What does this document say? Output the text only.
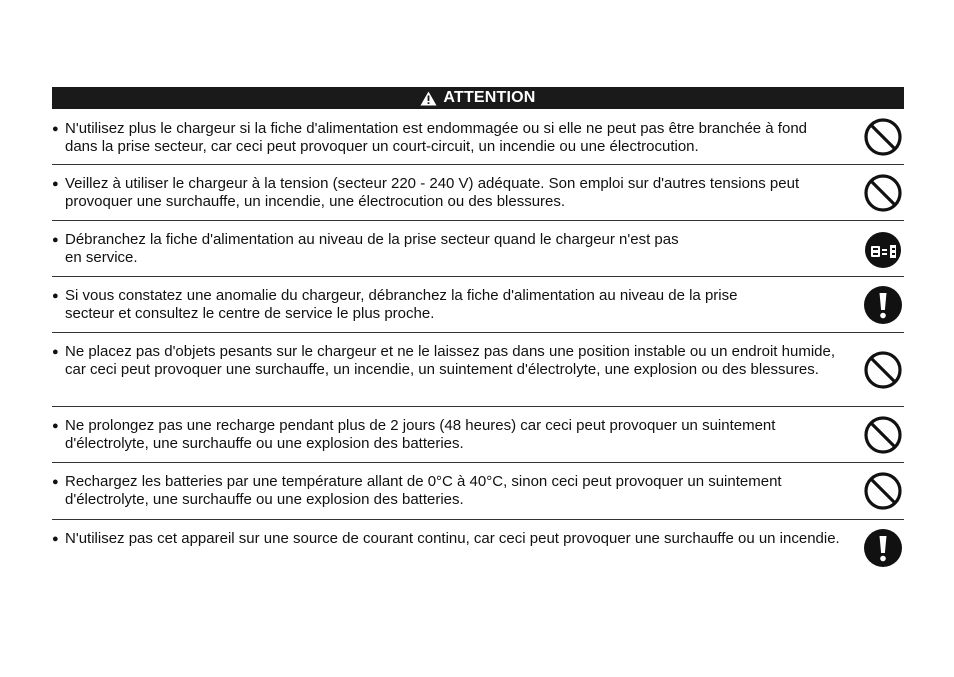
ATTENTION
● N'utilisez plus le chargeur si la fiche d'alimentation est endommagée ou si elle ne peut pas être branchée à fond dans la prise secteur, car ceci peut provoquer un court-circuit, un incendie ou une électrocution.
● Veillez à utiliser le chargeur à la tension (secteur 220 - 240 V) adéquate. Son emploi sur d'autres tensions peut provoquer une surchauffe, un incendie, une électrocution ou des blessures.
● Débranchez la fiche d'alimentation au niveau de la prise secteur quand le chargeur n'est pas en service.
● Si vous constatez une anomalie du chargeur, débranchez la fiche d'alimentation au niveau de la prise secteur et consultez le centre de service le plus proche.
● Ne placez pas d'objets pesants sur le chargeur et ne le laissez pas dans une position instable ou un endroit humide, car ceci peut provoquer une surchauffe, un incendie, un suintement d'électrolyte, une explosion ou des blessures.
● Ne prolongez pas une recharge pendant plus de 2 jours (48 heures) car ceci peut provoquer un suintement d'électrolyte, une surchauffe ou une explosion des batteries.
● Rechargez les batteries par une température allant de 0°C à 40°C, sinon ceci peut provoquer un suintement d'électrolyte, une surchauffe ou une explosion des batteries.
● N'utilisez pas cet appareil sur une source de courant continu, car ceci peut provoquer une surchauffe ou un incendie.
